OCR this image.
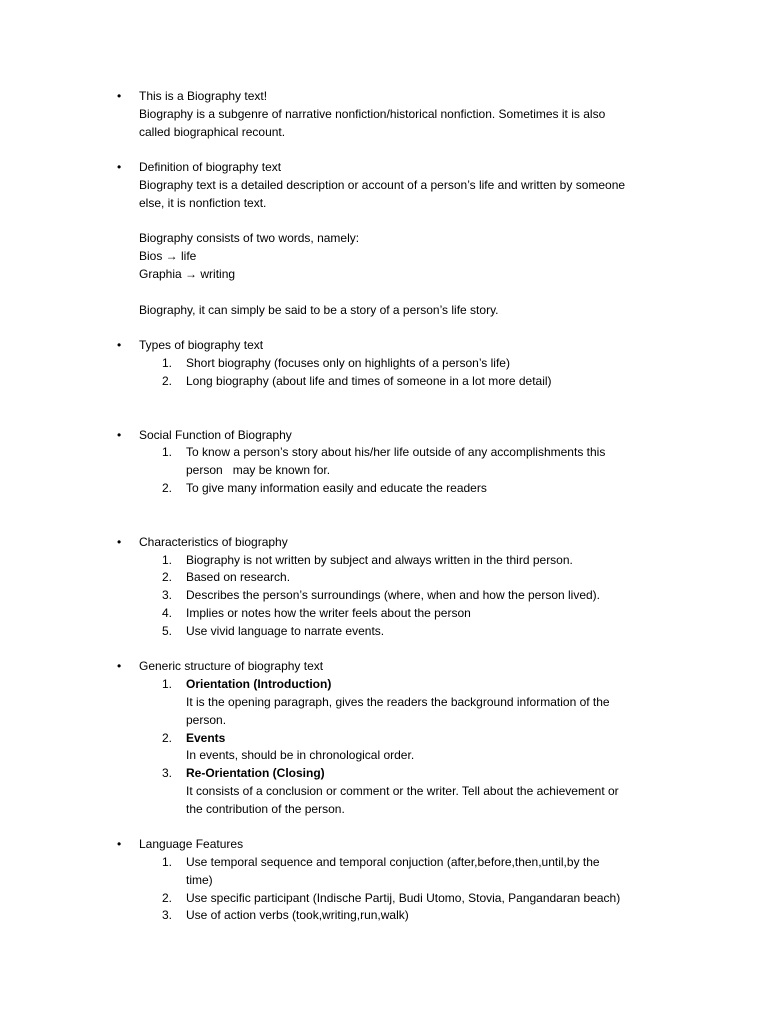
• This is a Biography text!
Biography is a subgenre of narrative nonfiction/historical nonfiction. Sometimes it is also
called biographical recount.
• Definition of biography text
Biography text is a detailed description or account of a person’s life and written by someone
else, it is nonfiction text.
Biography consists of two words, namely:
Bios → life
Graphia → writing
Biography, it can simply be said to be a story of a person’s life story.
• Types of biography text
1. Short biography (focuses only on highlights of a person’s life)
2. Long biography (about life and times of someone in a lot more detail)
• Social Function of Biography
1. To know a person’s story about his/her life outside of any accomplishments this
person   may be known for.
2. To give many information easily and educate the readers
• Characteristics of biography
1. Biography is not written by subject and always written in the third person.
2. Based on research.
3. Describes the person’s surroundings (where, when and how the person lived).
4. Implies or notes how the writer feels about the person
5. Use vivid language to narrate events.
• Generic structure of biography text
1. Orientation (Introduction)
It is the opening paragraph, gives the readers the background information of the
person.
2. Events
In events, should be in chronological order.
3. Re-Orientation (Closing)
It consists of a conclusion or comment or the writer. Tell about the achievement or
the contribution of the person.
• Language Features
1. Use temporal sequence and temporal conjuction (after,before,then,until,by the
time)
2. Use specific participant (Indische Partij, Budi Utomo, Stovia, Pangandaran beach)
3. Use of action verbs (took,writing,run,walk)
